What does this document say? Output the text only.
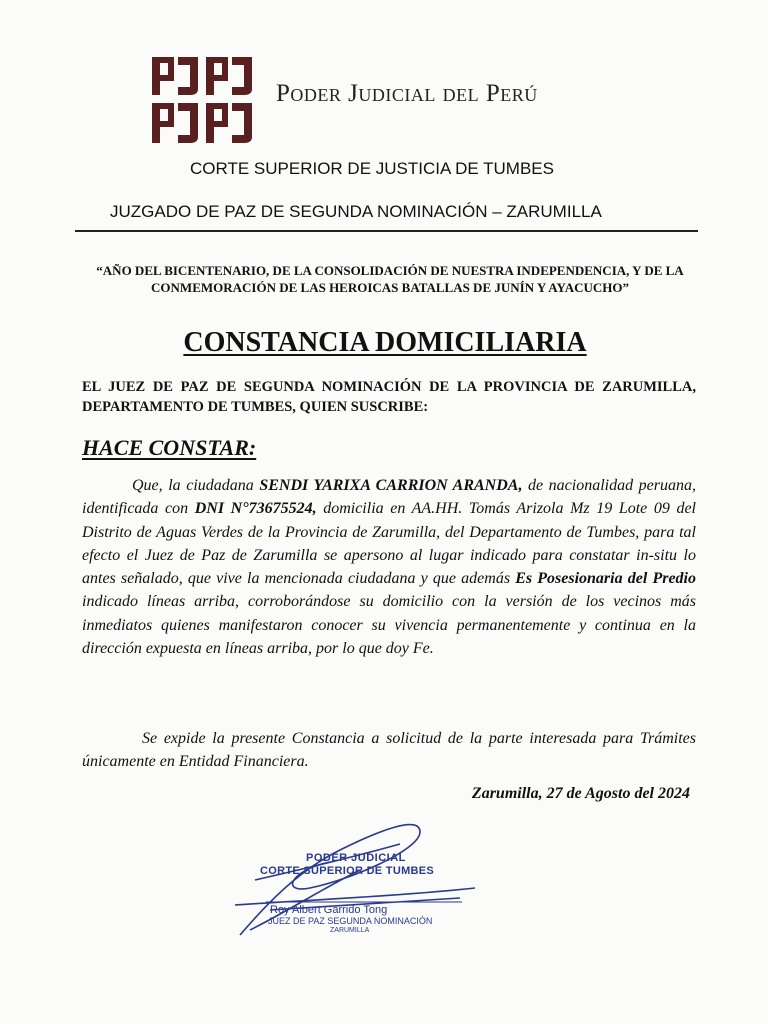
Poder Judicial del Perú
CORTE SUPERIOR DE JUSTICIA DE TUMBES
JUZGADO DE PAZ DE SEGUNDA NOMINACIÓN – ZARUMILLA
“AÑO DEL BICENTENARIO, DE LA CONSOLIDACIÓN DE NUESTRA INDEPENDENCIA, Y DE LA CONMEMORACIÓN DE LAS HEROICAS BATALLAS DE JUNÍN Y AYACUCHO”
CONSTANCIA DOMICILIARIA
EL JUEZ DE PAZ DE SEGUNDA NOMINACIÓN DE LA PROVINCIA DE ZARUMILLA, DEPARTAMENTO DE TUMBES, QUIEN SUSCRIBE:
HACE CONSTAR:

Que, la ciudadana SENDI YARIXA CARRION ARANDA, de nacionalidad peruana, identificada con DNI N°73675524, domicilia en AA.HH. Tomás Arizola Mz 19 Lote 09 del Distrito de Aguas Verdes de la Provincia de Zarumilla, del Departamento de Tumbes, para tal efecto el Juez de Paz de Zarumilla se apersono al lugar indicado para constatar in-situ lo antes señalado, que vive la mencionada ciudadana y que además Es Posesionaria del Predio indicado líneas arriba, corroborándose su domicilio con la versión de los vecinos más inmediatos quienes manifestaron conocer su vivencia permanentemente y continua en la dirección expuesta en líneas arriba, por lo que doy Fe.

Se expide la presente Constancia a solicitud de la parte interesada para Trámites únicamente en Entidad Financiera.

Zarumilla, 27 de Agosto del 2024
PODER JUDICIAL
CORTE SUPERIOR DE TUMBES
Roy Albert Garrido Tong
JUEZ DE PAZ SEGUNDA NOMINACIÓN
ZARUMILLA
